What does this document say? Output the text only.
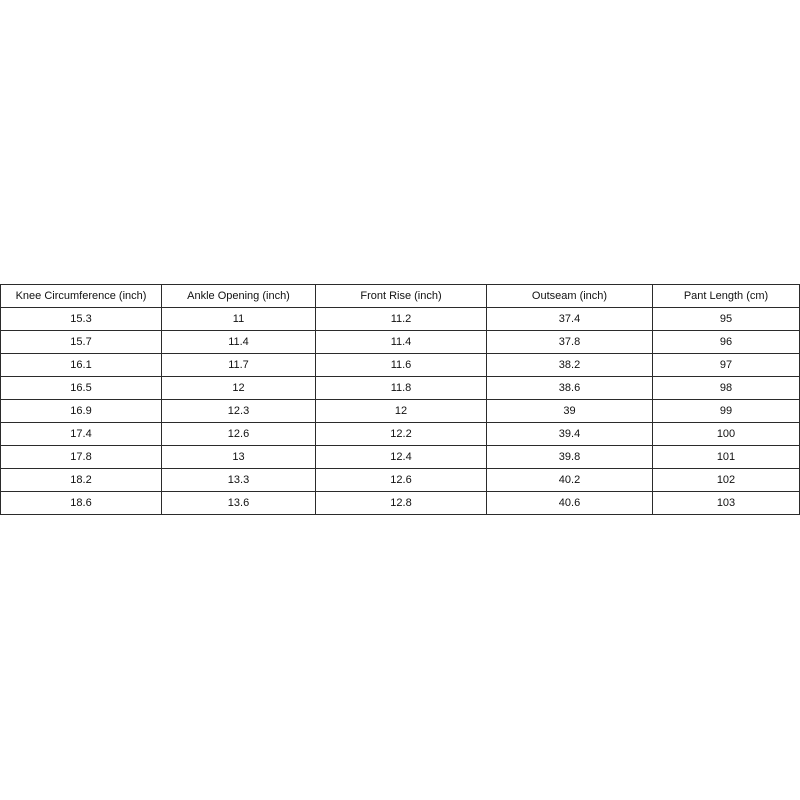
Knee Circumference (inch)	Ankle Opening (inch)	Front Rise (inch)	Outseam (inch)	Pant Length (cm)
15.3	11	11.2	37.4	95
15.7	11.4	11.4	37.8	96
16.1	11.7	11.6	38.2	97
16.5	12	11.8	38.6	98
16.9	12.3	12	39	99
17.4	12.6	12.2	39.4	100
17.8	13	12.4	39.8	101
18.2	13.3	12.6	40.2	102
18.6	13.6	12.8	40.6	103
